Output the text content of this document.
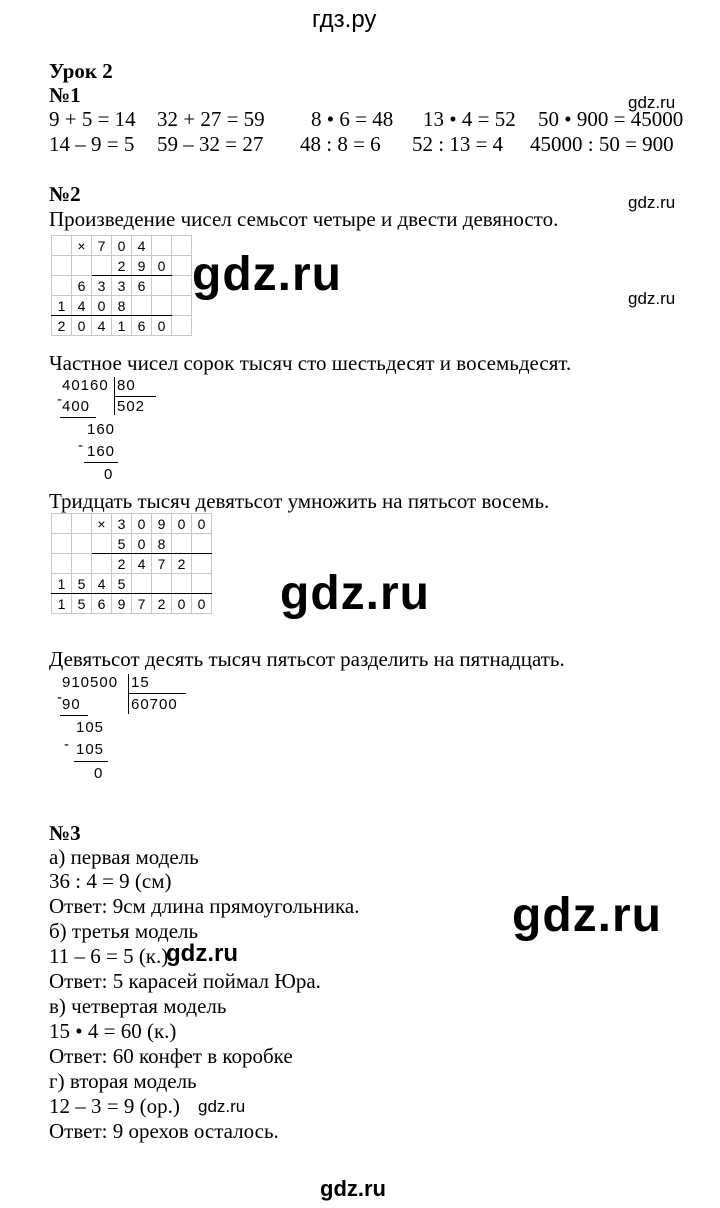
гдз.ру
Урок 2
№1
9 + 5 = 14 32 + 27 = 59 8 • 6 = 48 13 • 4 = 52 50 • 900 = 45000
14 – 9 = 5 59 – 32 = 27 48 : 8 = 6 52 : 13 = 4 45000 : 50 = 900
gdz.ru
№2	gdz.ru
Произведение чисел семьсот четыре и двести девяносто.
	×	7	0	4		
			2	9	0	
	6	3	3	6		
1	4	0	8			
2	0	4	1	6	0	
gdz.ru	gdz.ru
Частное чисел сорок тысяч сто шестьдесят и восемьдесят.
40160 80
- 400 502
160
- 160
0
Тридцать тысяч девятьсот умножить на пятьсот восемь.
		×	3	0	9	0	0
			5	0	8		
			2	4	7	2	
1	5	4	5				
1	5	6	9	7	2	0	0 gdz.ru
Девятьсот десять тысяч пятьсот разделить на пятнадцать.
910500 15
- 90	60700
105
- 105
0
№3
а) первая модель
36 : 4 = 9 (см)
Ответ: 9см длина прямоугольника.
б) третья модель
11 – 6 = 5 (к.)
Ответ: 5 карасей поймал Юра.
в) четвертая модель
15 • 4 = 60 (к.)
Ответ: 60 конфет в коробке
г) вторая модель
12 – 3 = 9 (ор.)
Ответ: 9 орехов осталось.
gdz.ru
gdz.ru
gdz.ru
gdz.ru
